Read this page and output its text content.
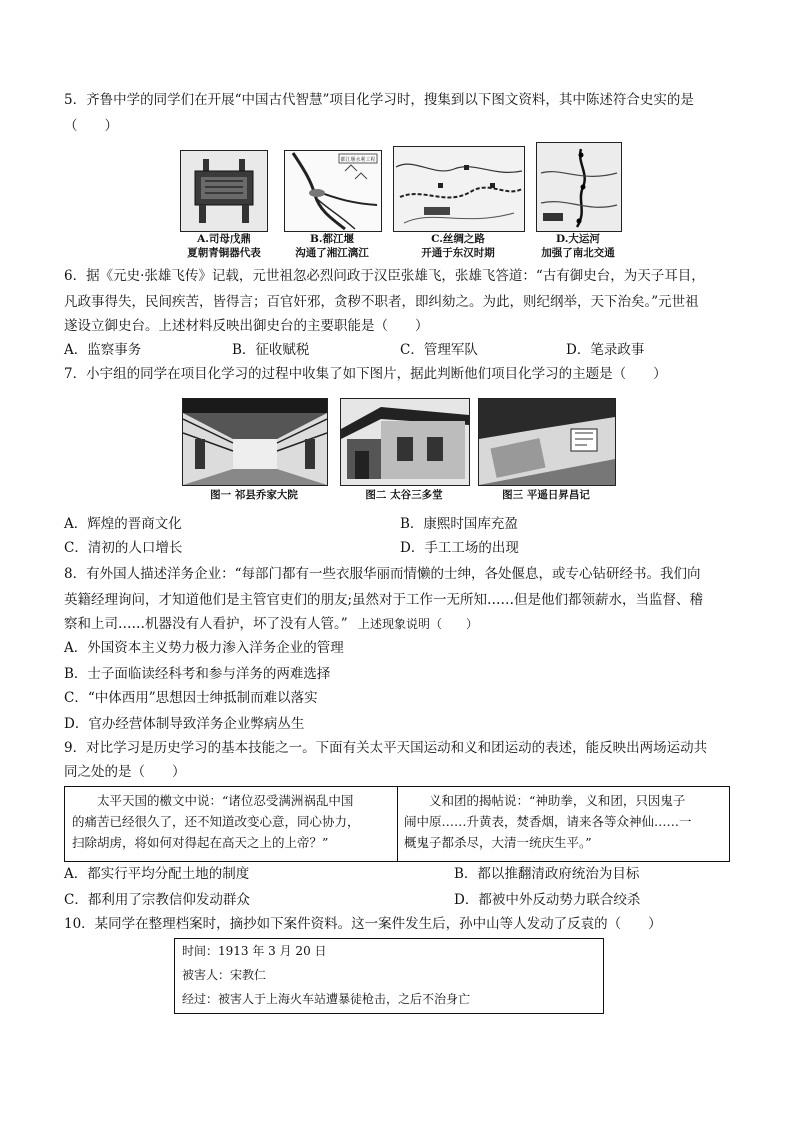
5．齐鲁中学的同学们在开展“中国古代智慧”项目化学习时，搜集到以下图文资料，其中陈述符合史实的是
（　　）
都江堰水利工程
A.司母戊鼎
夏朝青铜器代表
B.都江堰
沟通了湘江漓江
C.丝绸之路
开通于东汉时期
D.大运河
加强了南北交通
6．据《元史·张雄飞传》记载，元世祖忽必烈问政于汉臣张雄飞，张雄飞答道：“古有御史台，为天子耳目，
凡政事得失，民间疾苦，皆得言；百官奸邪，贪秽不职者，即纠劾之。为此，则纪纲举，天下治矣。”元世祖
遂设立御史台。上述材料反映出御史台的主要职能是（　　）
A．监察事务	B．征收赋税	C．管理军队	D．笔录政事
7．小宇组的同学在项目化学习的过程中收集了如下图片，据此判断他们项目化学习的主题是（　　）
图一 祁县乔家大院	图二 太谷三多堂	图三 平遥日昇昌记
A．辉煌的晋商文化	B．康熙时国库充盈
C．清初的人口增长	D．手工工场的出现
8．有外国人描述洋务企业：“每部门都有一些衣服华丽而情懒的士绅，各处偃息，或专心钻研经书。我们向
英籍经理询问，才知道他们是主管官吏们的朋友;虽然对于工作一无所知……但是他们都领薪水，当监督、稽
察和上司……机器没有人看护，坏了没有人管。” 上述现象说明（　　）
A．外国资本主义势力极力渗入洋务企业的管理
B．士子面临读经科考和参与洋务的两难选择
C．“中体西用”思想因士绅抵制而难以落实
D．官办经营体制导致洋务企业弊病丛生
9．对比学习是历史学习的基本技能之一。下面有关太平天国运动和义和团运动的表述，能反映出两场运动共
同之处的是（　　）
　　太平天国的檄文中说：“诸位忍受满洲祸乱中国
的痛苦已经很久了，还不知道改变心意，同心协力，
扫除胡虏，将如何对得起在高天之上的上帝？”
　　义和团的揭帖说：“神助拳，义和团，只因鬼子
闹中原……升黄表，焚香烟，请来各等众神仙……一
概鬼子都杀尽，大清一统庆生平。”
A．都实行平均分配土地的制度	B．都以推翻清政府统治为目标
C．都利用了宗教信仰发动群众	D．都被中外反动势力联合绞杀
10．某同学在整理档案时，摘抄如下案件资料。这一案件发生后，孙中山等人发动了反袁的（　　）
时间：1913 年 3 月 20 日
被害人：宋教仁
经过：被害人于上海火车站遭暴徒枪击，之后不治身亡
